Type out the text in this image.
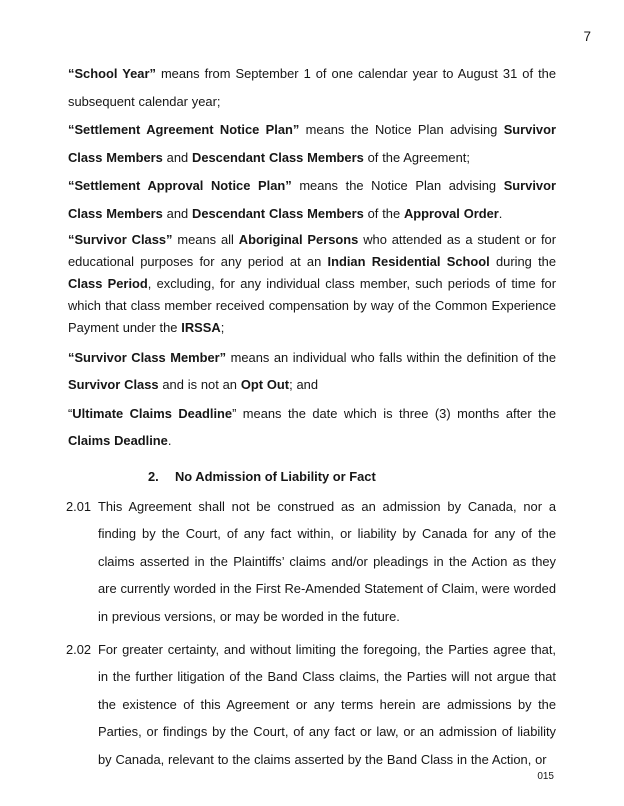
7

“School Year” means from September 1 of one calendar year to August 31 of the subsequent calendar year;

“Settlement Agreement Notice Plan” means the Notice Plan advising Survivor Class Members and Descendant Class Members of the Agreement;

“Settlement Approval Notice Plan” means the Notice Plan advising Survivor Class Members and Descendant Class Members of the Approval Order.

“Survivor Class” means all Aboriginal Persons who attended as a student or for educational purposes for any period at an Indian Residential School during the Class Period, excluding, for any individual class member, such periods of time for which that class member received compensation by way of the Common Experience Payment under the IRSSA;

“Survivor Class Member” means an individual who falls within the definition of the Survivor Class and is not an Opt Out; and

“Ultimate Claims Deadline” means the date which is three (3) months after the Claims Deadline.

2. No Admission of Liability or Fact
2.01 This Agreement shall not be construed as an admission by Canada, nor a finding by the Court, of any fact within, or liability by Canada for any of the claims asserted in the Plaintiffs’ claims and/or pleadings in the Action as they are currently worded in the First Re-Amended Statement of Claim, were worded in previous versions, or may be worded in the future.

2.02 For greater certainty, and without limiting the foregoing, the Parties agree that, in the further litigation of the Band Class claims, the Parties will not argue that the existence of this Agreement or any terms herein are admissions by the Parties, or findings by the Court, of any fact or law, or an admission of liability by Canada, relevant to the claims asserted by the Band Class in the Action, or

015
